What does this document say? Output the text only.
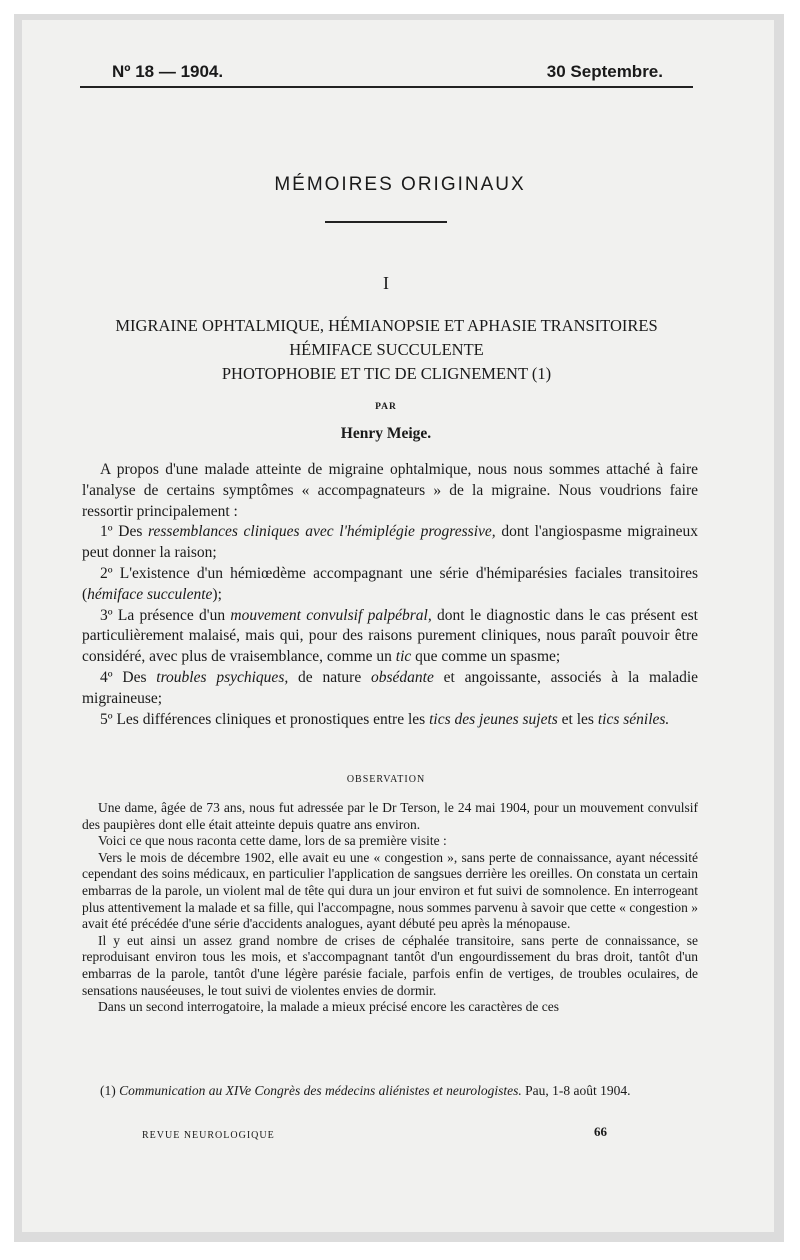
Nº 18 — 1904.	30 Septembre.
MÉMOIRES ORIGINAUX
I
MIGRAINE OPHTALMIQUE, HÉMIANOPSIE ET APHASIE TRANSITOIRES
HÉMIFACE SUCCULENTE
PHOTOPHOBIE ET TIC DE CLIGNEMENT (1)
PAR
Henry Meige.

A propos d'une malade atteinte de migraine ophtalmique, nous nous sommes attaché à faire l'analyse de certains symptômes « accompagnateurs » de la migraine. Nous voudrions faire ressortir principalement :

1º Des ressemblances cliniques avec l'hémiplégie progressive, dont l'angiospasme migraineux peut donner la raison;

2º L'existence d'un hémiœdème accompagnant une série d'hémiparésies faciales transitoires (hémiface succulente);

3º La présence d'un mouvement convulsif palpébral, dont le diagnostic dans le cas présent est particulièrement malaisé, mais qui, pour des raisons purement cliniques, nous paraît pouvoir être considéré, avec plus de vraisemblance, comme un tic que comme un spasme;

4º Des troubles psychiques, de nature obsédante et angoissante, associés à la maladie migraineuse;

5º Les différences cliniques et pronostiques entre les tics des jeunes sujets et les tics séniles.

OBSERVATION

Une dame, âgée de 73 ans, nous fut adressée par le Dr Terson, le 24 mai 1904, pour un mouvement convulsif des paupières dont elle était atteinte depuis quatre ans environ.

Voici ce que nous raconta cette dame, lors de sa première visite :

Vers le mois de décembre 1902, elle avait eu une « congestion », sans perte de connaissance, ayant nécessité cependant des soins médicaux, en particulier l'application de sangsues derrière les oreilles. On constata un certain embarras de la parole, un violent mal de tête qui dura un jour environ et fut suivi de somnolence. En interrogeant plus attentivement la malade et sa fille, qui l'accompagne, nous sommes parvenu à savoir que cette « congestion » avait été précédée d'une série d'accidents analogues, ayant débuté peu après la ménopause.

Il y eut ainsi un assez grand nombre de crises de céphalée transitoire, sans perte de connaissance, se reproduisant environ tous les mois, et s'accompagnant tantôt d'un engourdissement du bras droit, tantôt d'un embarras de la parole, tantôt d'une légère parésie faciale, parfois enfin de vertiges, de troubles oculaires, de sensations nauséeuses, le tout suivi de violentes envies de dormir.

Dans un second interrogatoire, la malade a mieux précisé encore les caractères de ces

(1) Communication au XIVe Congrès des médecins aliénistes et neurologistes. Pau, 1-8 août 1904.
REVUE NEUROLOGIQUE	66
